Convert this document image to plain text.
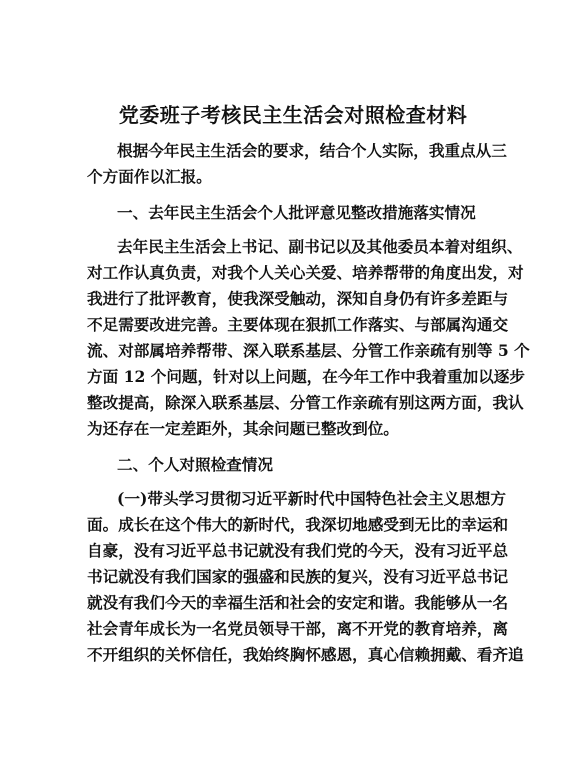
党委班子考核民主生活会对照检查材料
根据今年民主生活会的要求，结合个人实际，我重点从三
个方面作以汇报。
一、去年民主生活会个人批评意见整改措施落实情况
去年民主生活会上书记、副书记以及其他委员本着对组织、
对工作认真负责，对我个人关心关爱、培养帮带的角度出发，对
我进行了批评教育，使我深受触动，深知自身仍有许多差距与
不足需要改进完善。主要体现在狠抓工作落实、与部属沟通交
流、对部属培养帮带、深入联系基层、分管工作亲疏有别等 5 个
方面 12 个问题，针对以上问题，在今年工作中我着重加以逐步
整改提高，除深入联系基层、分管工作亲疏有别这两方面，我认
为还存在一定差距外，其余问题已整改到位。
二、个人对照检查情况
(一)带头学习贯彻习近平新时代中国特色社会主义思想方
面。成长在这个伟大的新时代，我深切地感受到无比的幸运和
自豪，没有习近平总书记就没有我们党的今天，没有习近平总
书记就没有我们国家的强盛和民族的复兴，没有习近平总书记
就没有我们今天的幸福生活和社会的安定和谐。我能够从一名
社会青年成长为一名党员领导干部，离不开党的教育培养，离
不开组织的关怀信任，我始终胸怀感恩，真心信赖拥戴、看齐追
